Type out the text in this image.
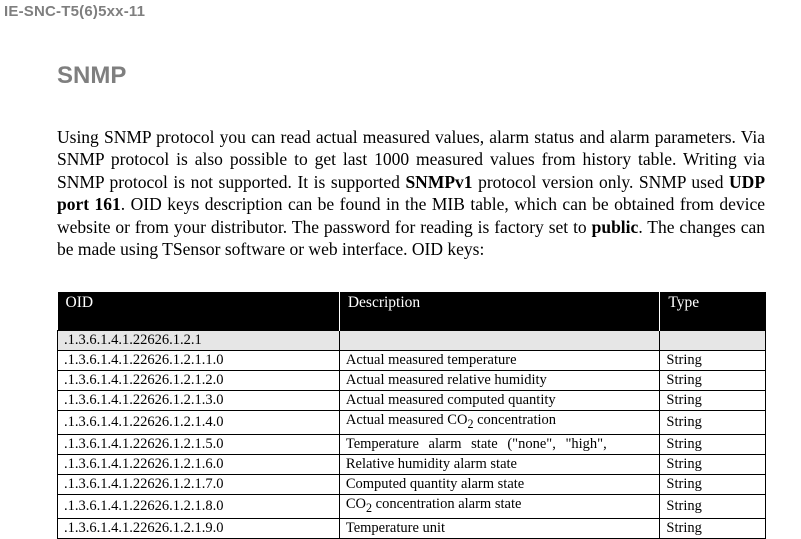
IE-SNC-T5(6)5xx-11
SNMP

Using SNMP protocol you can read actual measured values, alarm status and alarm parameters. Via SNMP protocol is also possible to get last 1000 measured values from history table. Writing via SNMP protocol is not supported. It is supported SNMPv1 protocol version only. SNMP used UDP port 161. OID keys description can be found in the MIB table, which can be obtained from device website or from your distributor. The password for reading is factory set to public. The changes can be made using TSensor software or web interface. OID keys:

OID	Description	Type
.1.3.6.1.4.1.22626.1.2.1		
.1.3.6.1.4.1.22626.1.2.1.1.0	Actual measured temperature	String
.1.3.6.1.4.1.22626.1.2.1.2.0	Actual measured relative humidity	String
.1.3.6.1.4.1.22626.1.2.1.3.0	Actual measured computed quantity	String
.1.3.6.1.4.1.22626.1.2.1.4.0	Actual measured $CO_2$ concentration	String
.1.3.6.1.4.1.22626.1.2.1.5.0	Temperature alarm state ("none", "high",	String
.1.3.6.1.4.1.22626.1.2.1.6.0	Relative humidity alarm state	String
.1.3.6.1.4.1.22626.1.2.1.7.0	Computed quantity alarm state	String
.1.3.6.1.4.1.22626.1.2.1.8.0	$CO_2$ concentration alarm state	String
.1.3.6.1.4.1.22626.1.2.1.9.0	Temperature unit	String
